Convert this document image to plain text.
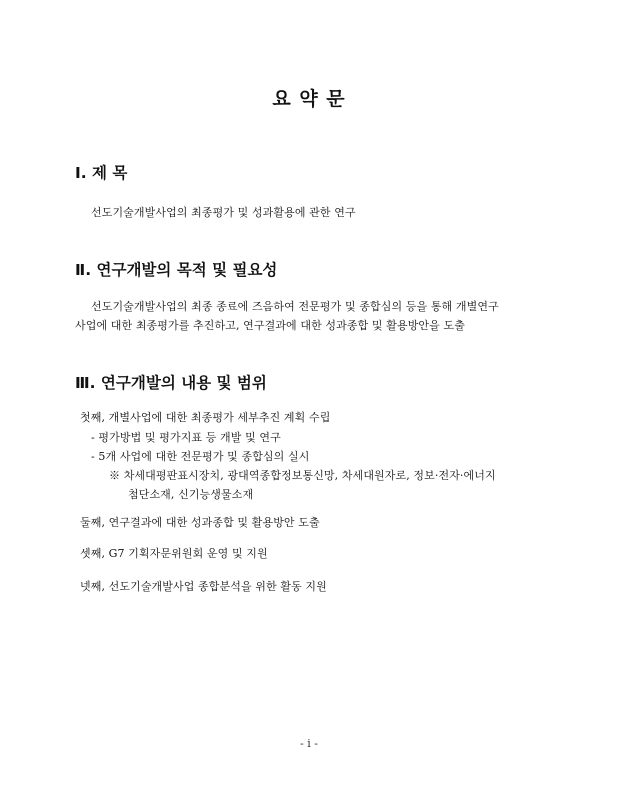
요 약 문
Ⅰ. 제 목
선도기술개발사업의 최종평가 및 성과활용에 관한 연구
Ⅱ. 연구개발의 목적 및 필요성
선도기술개발사업의 최종 종료에 즈음하여 전문평가 및 종합심의 등을 통해 개별연구
사업에 대한 최종평가를 추진하고, 연구결과에 대한 성과종합 및 활용방안을 도출
Ⅲ. 연구개발의 내용 및 범위
첫째, 개별사업에 대한 최종평가 세부추진 계획 수립
- 평가방법 및 평가지표 등 개발 및 연구
- 5개 사업에 대한 전문평가 및 종합심의 실시
※ 차세대평판표시장치, 광대역종합정보통신망, 차세대원자로, 정보·전자·에너지
첨단소재, 신기능생물소재
둘째, 연구결과에 대한 성과종합 및 활용방안 도출
셋째, G7 기획자문위원회 운영 및 지원
넷째, 선도기술개발사업 종합분석을 위한 활동 지원
- i -
